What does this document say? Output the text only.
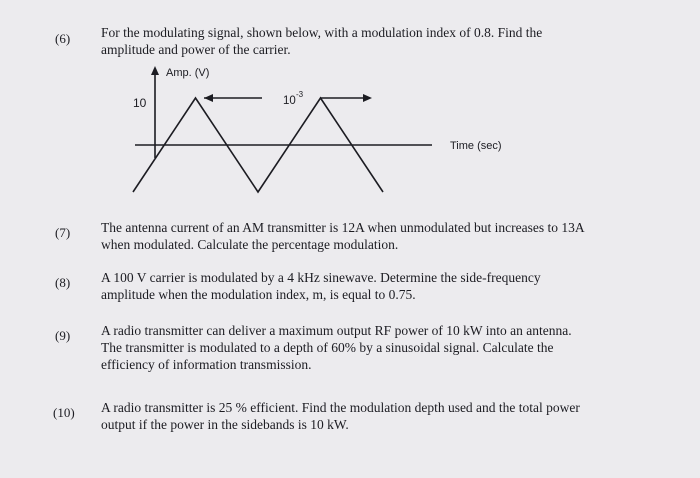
(6) For the modulating signal, shown below, with a modulation index of 0.8. Find the
amplitude and power of the carrier.
Amp. (V)
10	10
-3
Time (sec)
(7) The antenna current of an AM transmitter is 12A when unmodulated but increases to 13A
when modulated. Calculate the percentage modulation.
(8) A 100 V carrier is modulated by a 4 kHz sinewave. Determine the side-frequency
amplitude when the modulation index, m, is equal to 0.75.
(9) A radio transmitter can deliver a maximum output RF power of 10 kW into an antenna.
The transmitter is modulated to a depth of 60% by a sinusoidal signal. Calculate the
efficiency of information transmission.
(10) A radio transmitter is 25 % efficient. Find the modulation depth used and the total power
output if the power in the sidebands is 10 kW.
